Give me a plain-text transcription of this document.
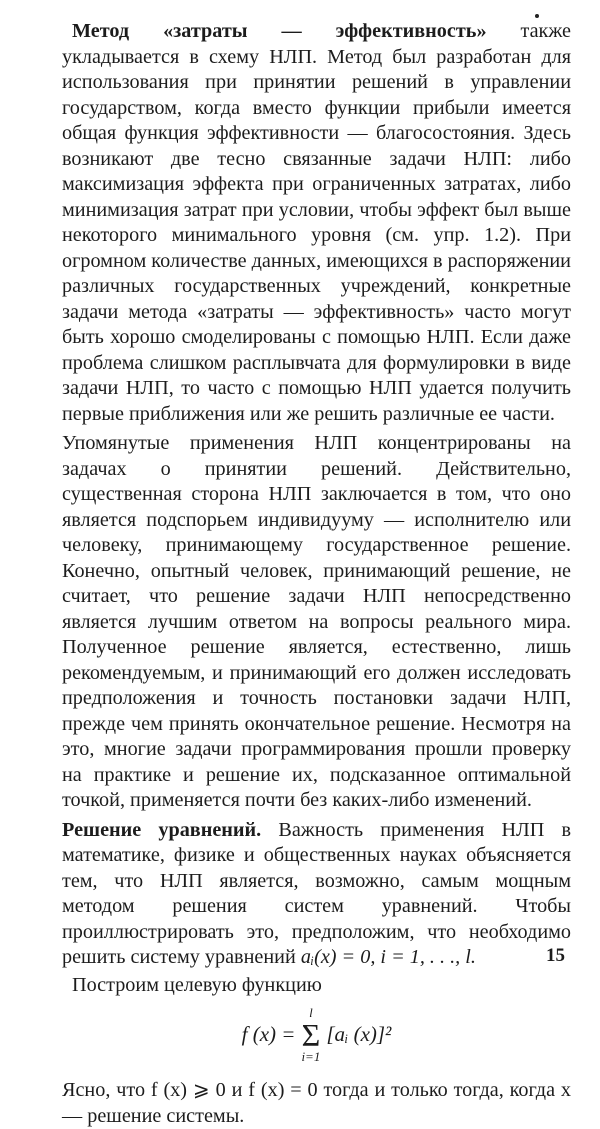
Метод «затраты — эффективность» также укладывается в схему НЛП. Метод был разработан для использования при принятии решений в управлении государством, когда вместо функции прибыли имеется общая функция эффективности — благосостояния. Здесь возникают две тесно связанные задачи НЛП: либо максимизация эффекта при ограниченных затратах, либо минимизация затрат при условии, чтобы эффект был выше некоторого минимального уровня (см. упр. 1.2). При огромном количестве данных, имеющихся в распоряжении различных государственных учреждений, конкретные задачи метода «затраты — эффективность» часто могут быть хорошо смоделированы с помощью НЛП. Если даже проблема слишком расплывчата для формулировки в виде задачи НЛП, то часто с помощью НЛП удается получить первые приближения или же решить различные ее части.

Упомянутые применения НЛП концентрированы на задачах о принятии решений. Действительно, существенная сторона НЛП заключается в том, что оно является подспорьем индивидууму — исполнителю или человеку, принимающему государственное решение. Конечно, опытный человек, принимающий решение, не считает, что решение задачи НЛП непосредственно является лучшим ответом на вопросы реального мира. Полученное решение является, естественно, лишь рекомендуемым, и принимающий его должен исследовать предположения и точность постановки задачи НЛП, прежде чем принять окончательное решение. Несмотря на это, многие задачи программирования прошли проверку на практике и решение их, подсказанное оптимальной точкой, применяется почти без каких-либо изменений.

Решение уравнений. Важность применения НЛП в математике, физике и общественных науках объясняется тем, что НЛП является, возможно, самым мощным методом решения систем уравнений. Чтобы проиллюстрировать это, предположим, что необходимо решить систему уравнений aᵢ(x) = 0, i = 1, . . ., l.

Построим целевую функцию

f (x) =
l
Σ
i=1
[aᵢ (x)]²

Ясно, что f (x) ⩾ 0 и f (x) = 0 тогда и только тогда, когда x — решение системы.

15
